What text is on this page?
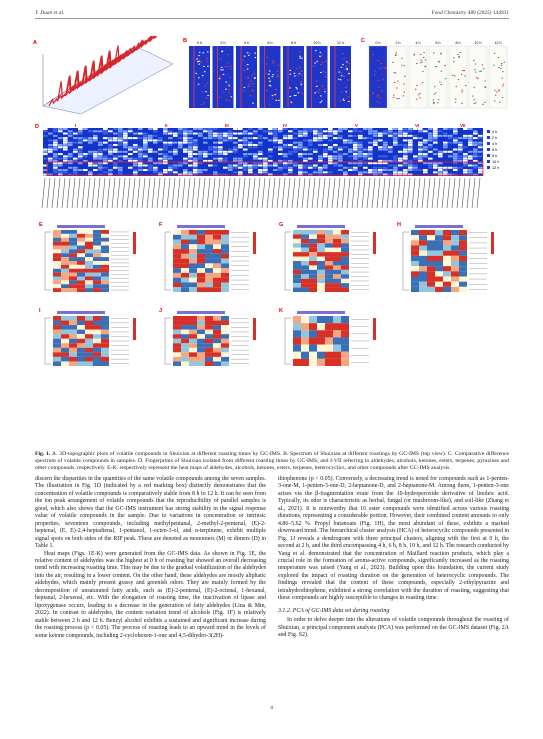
Y. Duan et al.	Food Chemistry 489 (2025) 144931
A	B	0 h	2 h	4 h	6 h	8 h	10 h	12 h	C	0 h	2 h	4 h	6 h	8 h	10 h	12 h
D	I	II	III	IV	V	VI	VII
0 h
2 h
4 h
6 h
8 h
10 h
12 h
E	F	G	H
I	J	K
Fig. 1. A. 3D-topographic plots of volatile compounds in Shuixian at different roasting times by GC-IMS. B. Spectrum of Shuixian at different roastings by GC-IMS (top view). C. Comparative difference spectrum of volatile compounds in samples. D. Fingerprints of Shuixian isolated from different roasting times by GC-IMS, and I-VII referring to aldehydes, alcohols, ketones, esters, terpenes, pyrazines and other compounds, respectively. E-K. respectively represent the heat maps of aldehydes, alcohols, ketones, esters, terpenes, heterocyclics, and other compounds after GC-IMS analysis.

discern the disparities in the quantities of the same volatile compounds among the seven samples. The illustration in Fig. 1D (indicated by a red marking box) distinctly demonstrates that the concentration of volatile compounds is comparatively stable from 8 h to 12 h. It can be seen from the ion peak arrangement of volatile compounds that the reproducibility of parallel samples is good, which also shows that the GC-IMS instrument has strong stability in the signal response value of volatile compounds in the sample. Due to variations in concentration or intrinsic properties, seventeen compounds, including methylpentanal, 2-methyl-2-pentenal, (E)-2-heptenal, (E, E)-2,4-heptadienal, 1-pentanol, 1-octen-3-ol, and α-terpinene, exhibit multiple signal spots on both sides of the RIP peak. These are denoted as monomers (M) or dimers (D) in Table 1.

Heat maps (Figs. 1E-K) were generated from the GC-IMS data. As shown in Fig. 1E, the relative content of aldehydes was the highest at 0 h of roasting but showed an overall decreasing trend with increasing roasting time. This may be due to the gradual volatilization of the aldehydes into the air, resulting in a lower content. On the other hand, these aldehydes are mostly aliphatic aldehydes, which mainly present grassy and greenish odors. They are mainly formed by the decomposition of unsaturated fatty acids, such as (E)-2-pentenal, (E)-2-octenal, 1-hexanal, heptanal, 2-hexenal, etc. With the elongation of roasting time, the inactivation of lipase and lipoxygenase occurs, leading to a decrease in the generation of fatty aldehydes (Lina & Min, 2022). In contrast to aldehydes, the content variation trend of alcohols (Fig. 1F) is relatively stable between 2 h and 12 h. Benzyl alcohol exhibits a sustained and significant increase during the roasting process (p < 0.05). The process of roasting leads to an upward trend in the levels of some ketone compounds, including 2-cyclohexen-1-one and 4,5-dihydro-3(2H)-

thiophenone (p < 0.05). Conversely, a decreasing trend is noted for compounds such as 1-penten-3-one-M, 1-penten-3-one-D, 2-heptanone-D, and 2-heptanone-M. Among them, 1-penten-3-one arises via the β-fragmentation route from the 10-hydroperoxide derivative of linoleic acid. Typically, its odor is characteristic as herbal, fungal (or mushroom-like), and soil-like (Zhang et al., 2021). It is noteworthy that 16 ester compounds were identified across various roasting durations, representing a considerable portion. However, their combined content amounts to only 4.86–5.62 %. Propyl butanoate (Fig. 1H), the most abundant of these, exhibits a marked downward trend. The hierarchical cluster analysis (HCA) of heterocyclic compounds presented in Fig. 1J reveals a dendrogram with three principal clusters, aligning with the first at 0 h, the second at 2 h, and the third encompassing 4 h, 6 h, 8 h, 10 h, and 12 h. The research conducted by Yang et al. demonstrated that the concentration of Maillard reaction products, which play a crucial role in the formation of aroma-active compounds, significantly increased as the roasting temperature was raised (Yang et al., 2023). Building upon this foundation, the current study explored the impact of roasting duration on the generation of heterocyclic compounds. The findings revealed that the content of these compounds, especially 2-ethylpyrazine and tetrahydrothiophene, exhibited a strong correlation with the duration of roasting, suggesting that these compounds are highly susceptible to changes in roasting time.

3.1.2. PCA of GC-IMS data set during roasting

In order to delve deeper into the alterations of volatile compounds throughout the roasting of Shuixian, a principal component analysis (PCA) was performed on the GC-IMS dataset (Fig. 2A and Fig. S2).

4
